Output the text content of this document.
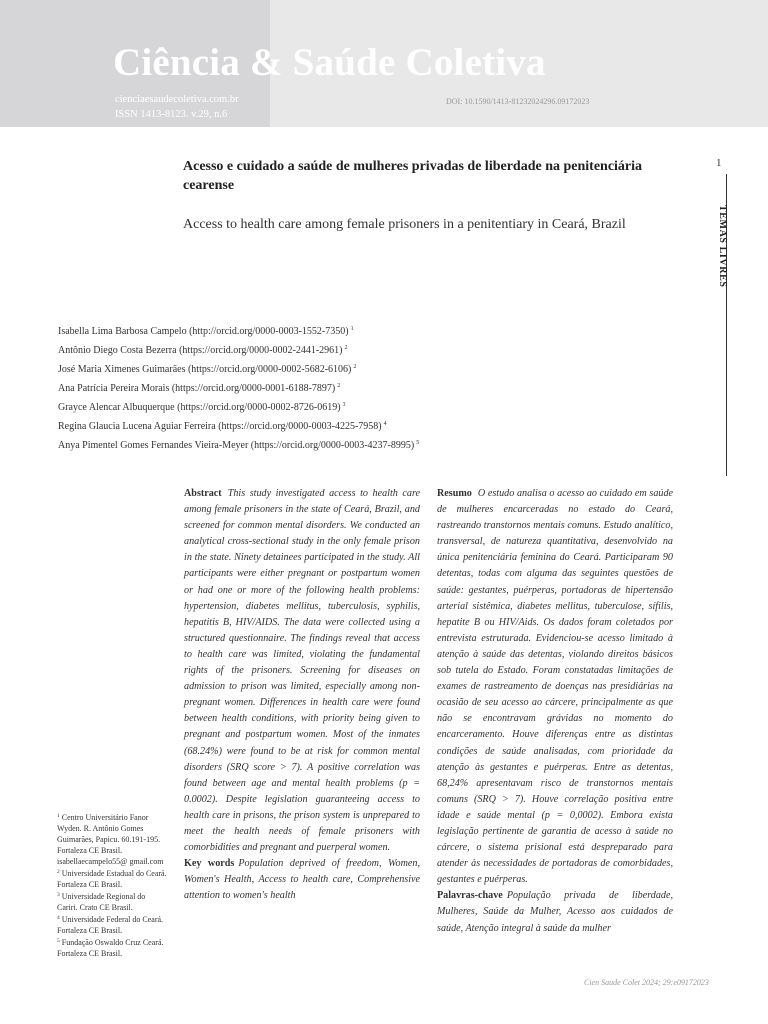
Ciência & Saúde Coletiva
cienciaesaudecoletiva.com.br
ISSN 1413-8123. v.29, n.6
DOI: 10.1590/1413-81232024296.09172023
1
TEMAS LIVRES
Acesso e cuidado a saúde de mulheres privadas de liberdade na penitenciária cearense
Access to health care among female prisoners in a penitentiary in Ceará, Brazil
Isabella Lima Barbosa Campelo (http://orcid.org/0000-0003-1552-7350) $^1$
Antônio Diego Costa Bezerra (https://orcid.org/0000-0002-2441-2961) $^2$
José Maria Ximenes Guimarães (https://orcid.org/0000-0002-5682-6106) $^2$
Ana Patrícia Pereira Morais (https://orcid.org/0000-0001-6188-7897) $^2$
Grayce Alencar Albuquerque (https://orcid.org/0000-0002-8726-0619) $^3$
Regina Glaucia Lucena Aguiar Ferreira (https://orcid.org/0000-0003-4225-7958) $^4$
Anya Pimentel Gomes Fernandes Vieira-Meyer (https://orcid.org/0000-0003-4237-8995) $^5$

Abstract This study investigated access to health care among female prisoners in the state of Ceará, Brazil, and screened for common mental disorders. We conducted an analytical cross-sectional study in the only female prison in the state. Ninety detainees participated in the study. All participants were either pregnant or postpartum women or had one or more of the following health problems: hypertension, diabetes mellitus, tuberculosis, syphilis, hepatitis B, HIV/AIDS. The data were collected using a structured questionnaire. The findings reveal that access to health care was limited, violating the fundamental rights of the prisoners. Screening for diseases on admission to prison was limited, especially among non-pregnant women. Differences in health care were found between health conditions, with priority being given to pregnant and postpartum women. Most of the inmates (68.24%) were found to be at risk for common mental disorders (SRQ score > 7). A positive correlation was found between age and mental health problems (p = 0.0002). Despite legislation guaranteeing access to health care in prisons, the prison system is unprepared to meet the health needs of female prisoners with comorbidities and pregnant and puerperal women.

Key words Population deprived of freedom, Women, Women's Health, Access to health care, Comprehensive attention to women's health

Resumo O estudo analisa o acesso ao cuidado em saúde de mulheres encarceradas no estado do Ceará, rastreando transtornos mentais comuns. Estudo analítico, transversal, de natureza quantitativa, desenvolvido na única penitenciária feminina do Ceará. Participaram 90 detentas, todas com alguma das seguintes questões de saúde: gestantes, puérperas, portadoras de hipertensão arterial sistêmica, diabetes mellitus, tuberculose, sífilis, hepatite B ou HIV/Aids. Os dados foram coletados por entrevista estruturada. Evidenciou-se acesso limitado à atenção à saúde das detentas, violando direitos básicos sob tutela do Estado. Foram constatadas limitações de exames de rastreamento de doenças nas presidiárias na ocasião de seu acesso ao cárcere, principalmente as que não se encontravam grávidas no momento do encarceramento. Houve diferenças entre as distintas condições de saúde analisadas, com prioridade da atenção às gestantes e puérperas. Entre as detentas, 68,24% apresentavam risco de transtornos mentais comuns (SRQ > 7). Houve correlação positiva entre idade e saúde mental (p = 0,0002). Embora exista legislação pertinente de garantia de acesso à saúde no cárcere, o sistema prisional está despreparado para atender às necessidades de portadoras de comorbidades, gestantes e puérperas.

Palavras-chave População privada de liberdade, Mulheres, Saúde da Mulher, Acesso aos cuidados de saúde, Atenção integral à saúde da mulher

$^1$ Centro Universitário Fanor Wyden. R. Antônio Gomes Guimarães, Papicu. 60.191-195. Fortaleza CE Brasil. isabellaecampelo55@ gmail.com
$^2$ Universidade Estadual do Ceará. Fortaleza CE Brasil.
$^3$ Universidade Regional do Cariri. Crato CE Brasil.
$^4$ Universidade Federal do Ceará. Fortaleza CE Brasil.
$^5$ Fundação Oswaldo Cruz Ceará. Fortaleza CE Brasil.
Cien Saude Colet 2024; 29:e09172023
